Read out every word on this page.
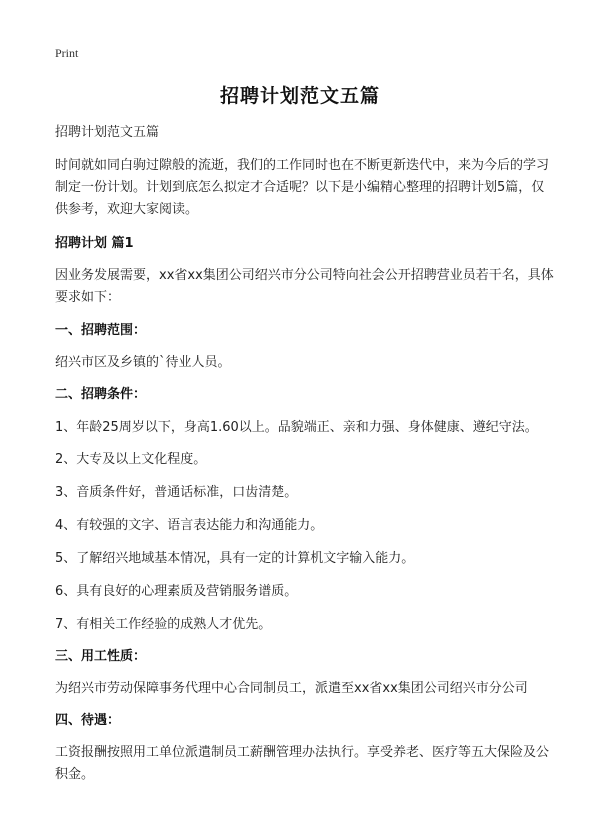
Print
招聘计划范文五篇

招聘计划范文五篇

时间就如同白驹过隙般的流逝，我们的工作同时也在不断更新迭代中，来为今后的学习制定一份计划。计划到底怎么拟定才合适呢？以下是小编精心整理的招聘计划5篇，仅供参考，欢迎大家阅读。

招聘计划 篇1

因业务发展需要，xx省xx集团公司绍兴市分公司特向社会公开招聘营业员若干名，具体要求如下：

一、招聘范围：

绍兴市区及乡镇的`待业人员。

二、招聘条件：

1、年龄25周岁以下，身高1.60以上。品貌端正、亲和力强、身体健康、遵纪守法。

2、大专及以上文化程度。

3、音质条件好，普通话标准，口齿清楚。

4、有较强的文字、语言表达能力和沟通能力。

5、了解绍兴地域基本情况，具有一定的计算机文字输入能力。

6、具有良好的心理素质及营销服务谱质。

7、有相关工作经验的成熟人才优先。

三、用工性质：

为绍兴市劳动保障事务代理中心合同制员工，派遣至xx省xx集团公司绍兴市分公司

四、待遇：

工资报酬按照用工单位派遣制员工薪酬管理办法执行。享受养老、医疗等五大保险及公积金。
